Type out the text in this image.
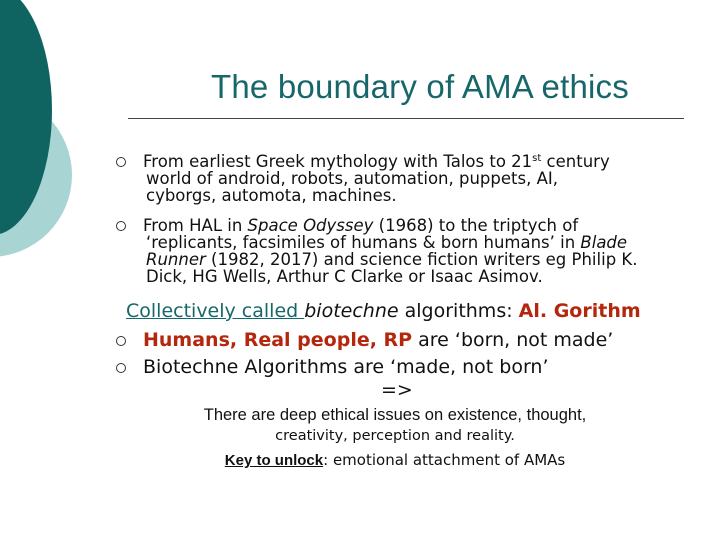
The boundary of AMA ethics
From earliest Greek mythology with Talos to 21st century
world of android, robots, automation, puppets, AI,
cyborgs, automota, machines.
From HAL in Space Odyssey (1968) to the triptych of
‘replicants, facsimiles of humans & born humans’ in Blade
Runner (1982, 2017) and science fiction writers eg Philip K.
Dick, HG Wells, Arthur C Clarke or Isaac Asimov.
Collectively called biotechne algorithms: Al. Gorithm
Humans, Real people, RP are ‘born, not made’
Biotechne Algorithms are ‘made, not born’
=>
There are deep ethical issues on existence, thought,
creativity, perception and reality.
Key to unlock: emotional attachment of AMAs
